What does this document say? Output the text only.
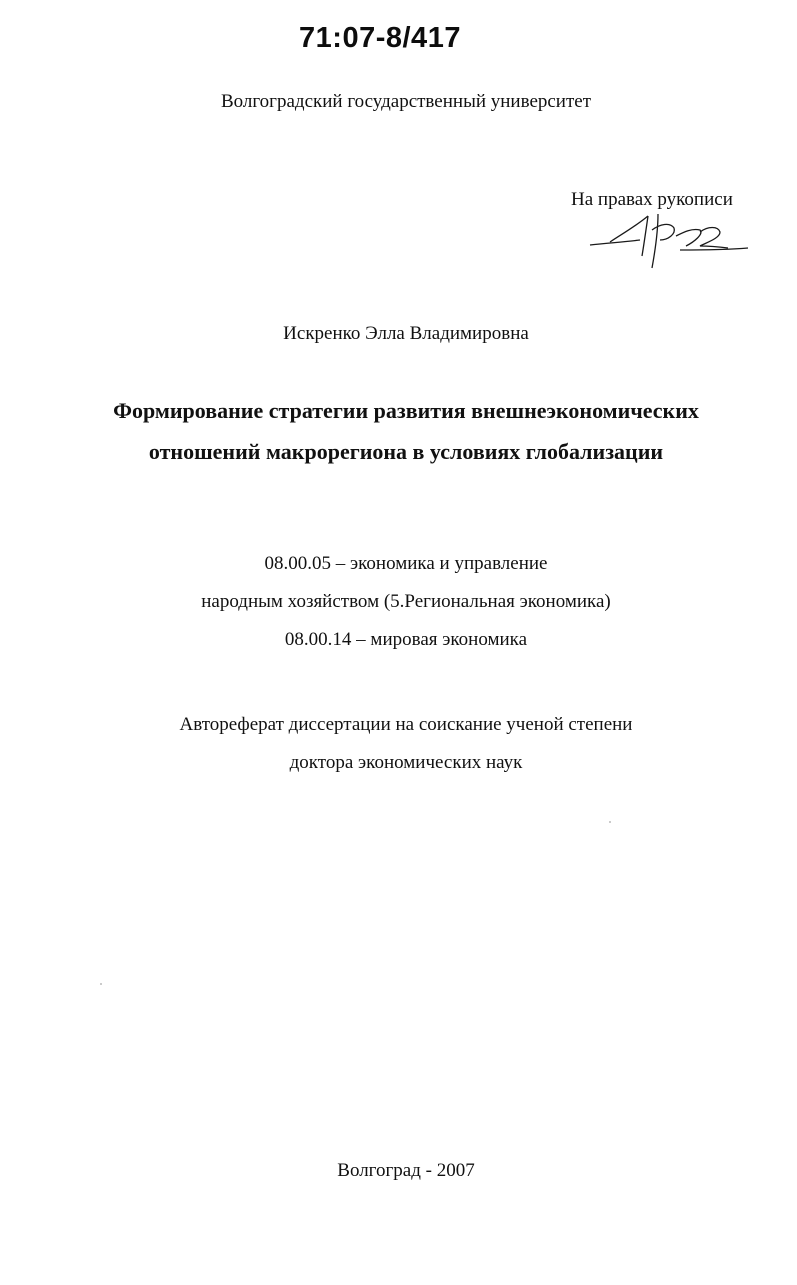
71:07-8/417
Волгоградский государственный университет
На правах рукописи
Искренко Элла Владимировна
Формирование стратегии развития внешнеэкономических
отношений макрорегиона в условиях глобализации
08.00.05 – экономика и управление
народным хозяйством (5.Региональная экономика)
08.00.14 – мировая экономика
Автореферат диссертации на соискание ученой степени
доктора экономических наук
Волгоград - 2007
